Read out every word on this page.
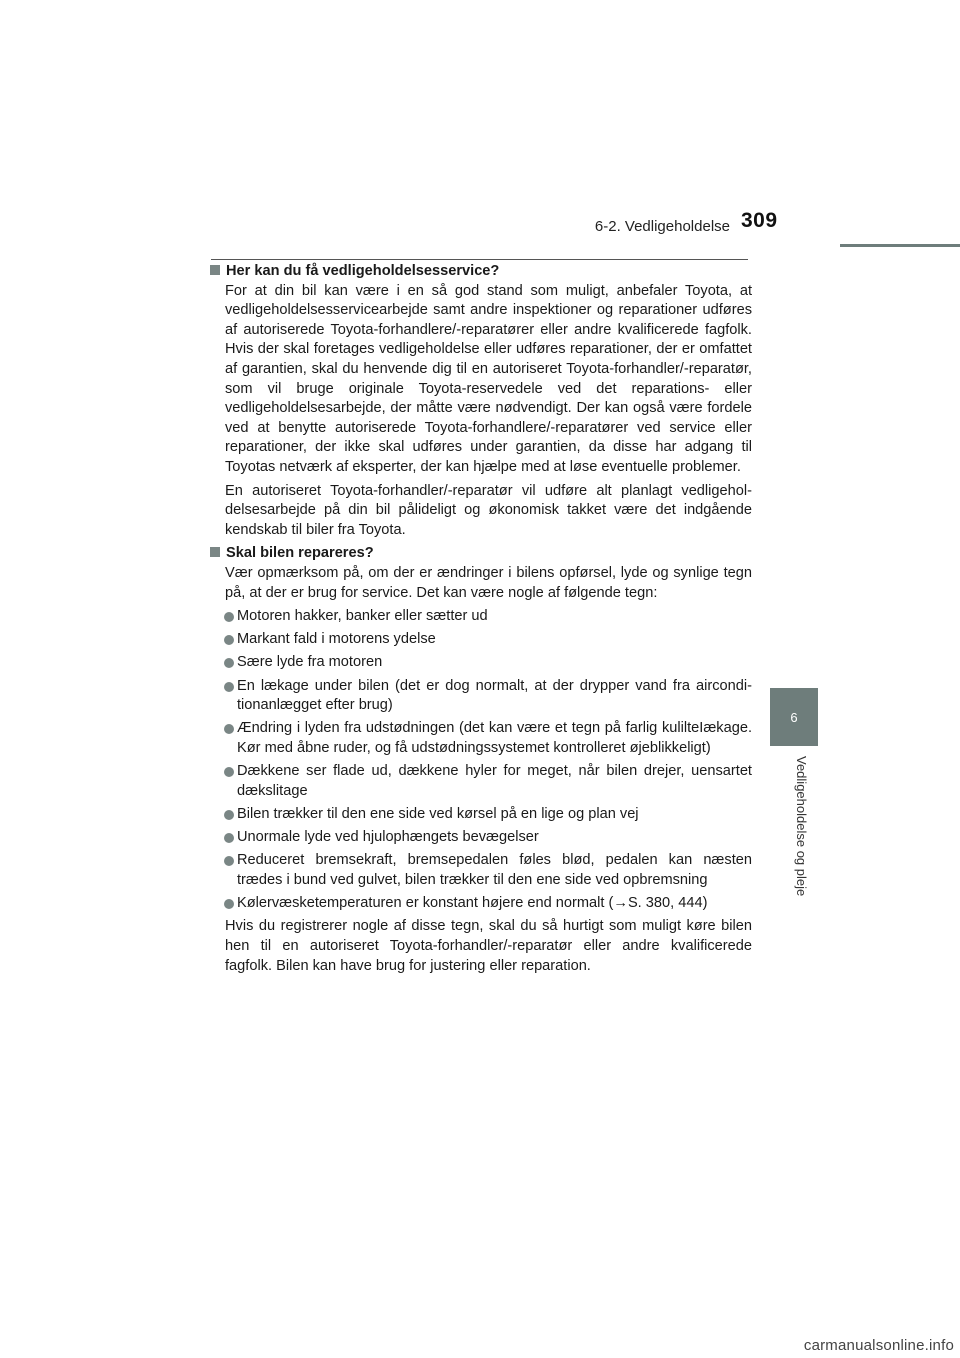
6-2. Vedligeholdelse 309
6
Vedligeholdelse og pleje
Her kan du få vedligeholdelsesservice?

For at din bil kan være i en så god stand som muligt, anbefaler Toyota, at vedligeholdelsesservicearbejde samt andre inspektioner og reparationer udføres af autoriserede Toyota-forhandlere/-reparatører eller andre kvalificerede fagfolk. Hvis der skal foretages vedligeholdelse eller udføres reparationer, der er omfattet af garantien, skal du henvende dig til en autoriseret Toyota-forhandler/-reparatør, som vil bruge originale Toyota-reservedele ved det reparations- eller vedligeholdelsesarbejde, der måtte være nødvendigt. Der kan også være fordele ved at benytte autoriserede Toyota-forhandlere/-reparatører ved service eller reparationer, der ikke skal udføres under garantien, da disse har adgang til Toyotas netværk af eksperter, der kan hjælpe med at løse eventuelle problemer.

En autoriseret Toyota-forhandler/-reparatør vil udføre alt planlagt vedligeholdelsesarbejde på din bil pålideligt og økonomisk takket være det indgående kendskab til biler fra Toyota.

Skal bilen repareres?

Vær opmærksom på, om der er ændringer i bilens opførsel, lyde og synlige tegn på, at der er brug for service. Det kan være nogle af følgende tegn:

Motoren hakker, banker eller sætter ud
Markant fald i motorens ydelse
Sære lyde fra motoren
En lækage under bilen (det er dog normalt, at der drypper vand fra airconditionanlægget efter brug)
Ændring i lyden fra udstødningen (det kan være et tegn på farlig kulilteIækage. Kør med åbne ruder, og få udstødningssystemet kontrolleret øjeblikkeligt)
Dækkene ser flade ud, dækkene hyler for meget, når bilen drejer, uensartet dækslitage
Bilen trækker til den ene side ved kørsel på en lige og plan vej
Unormale lyde ved hjulophængets bevægelser
Reduceret bremsekraft, bremsepedalen føles blød, pedalen kan næsten trædes i bund ved gulvet, bilen trækker til den ene side ved opbremsning
Kølervæsketemperaturen er konstant højere end normalt (→S. 380, 444)

Hvis du registrerer nogle af disse tegn, skal du så hurtigt som muligt køre bilen hen til en autoriseret Toyota-forhandler/-reparatør eller andre kvalificerede fagfolk. Bilen kan have brug for justering eller reparation.

carmanualsonline.info
